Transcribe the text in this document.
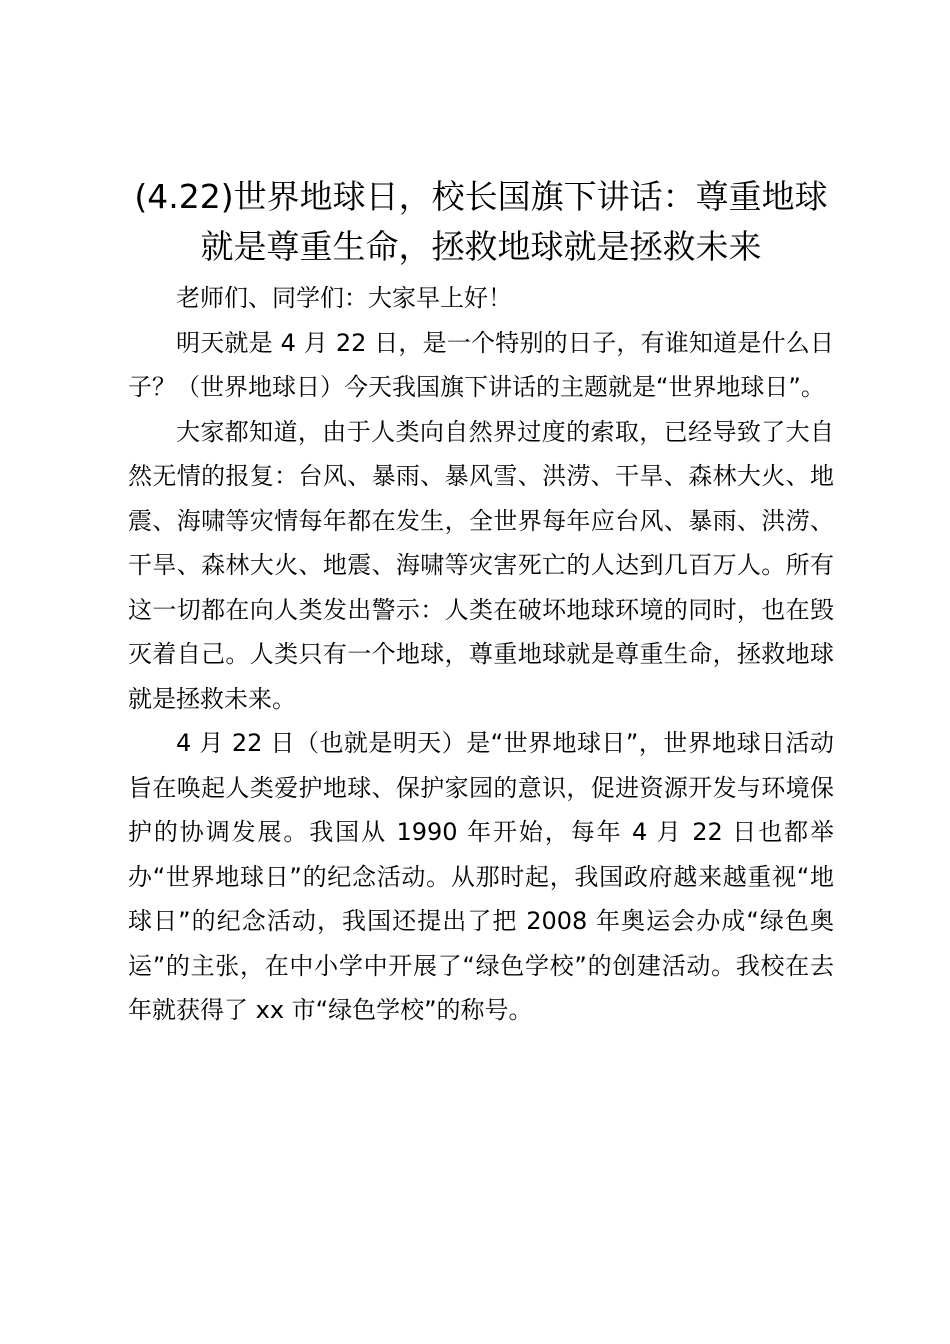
(4.22)世界地球日，校长国旗下讲话：尊重地球就是尊重生命，拯救地球就是拯救未来

老师们、同学们：大家早上好！

明天就是 4 月 22 日，是一个特别的日子，有谁知道是什么日子？（世界地球日）今天我国旗下讲话的主题就是“世界地球日”。

大家都知道，由于人类向自然界过度的索取，已经导致了大自然无情的报复：台风、暴雨、暴风雪、洪涝、干旱、森林大火、地震、海啸等灾情每年都在发生，全世界每年应台风、暴雨、洪涝、干旱、森林大火、地震、海啸等灾害死亡的人达到几百万人。所有这一切都在向人类发出警示：人类在破坏地球环境的同时，也在毁灭着自己。人类只有一个地球，尊重地球就是尊重生命，拯救地球就是拯救未来。

4 月 22 日（也就是明天）是“世界地球日”，世界地球日活动旨在唤起人类爱护地球、保护家园的意识，促进资源开发与环境保护的协调发展。我国从 1990 年开始，每年 4 月 22 日也都举办“世界地球日”的纪念活动。从那时起，我国政府越来越重视“地球日”的纪念活动，我国还提出了把 2008 年奥运会办成“绿色奥运”的主张，在中小学中开展了“绿色学校”的创建活动。我校在去年就获得了 xx 市“绿色学校”的称号。
